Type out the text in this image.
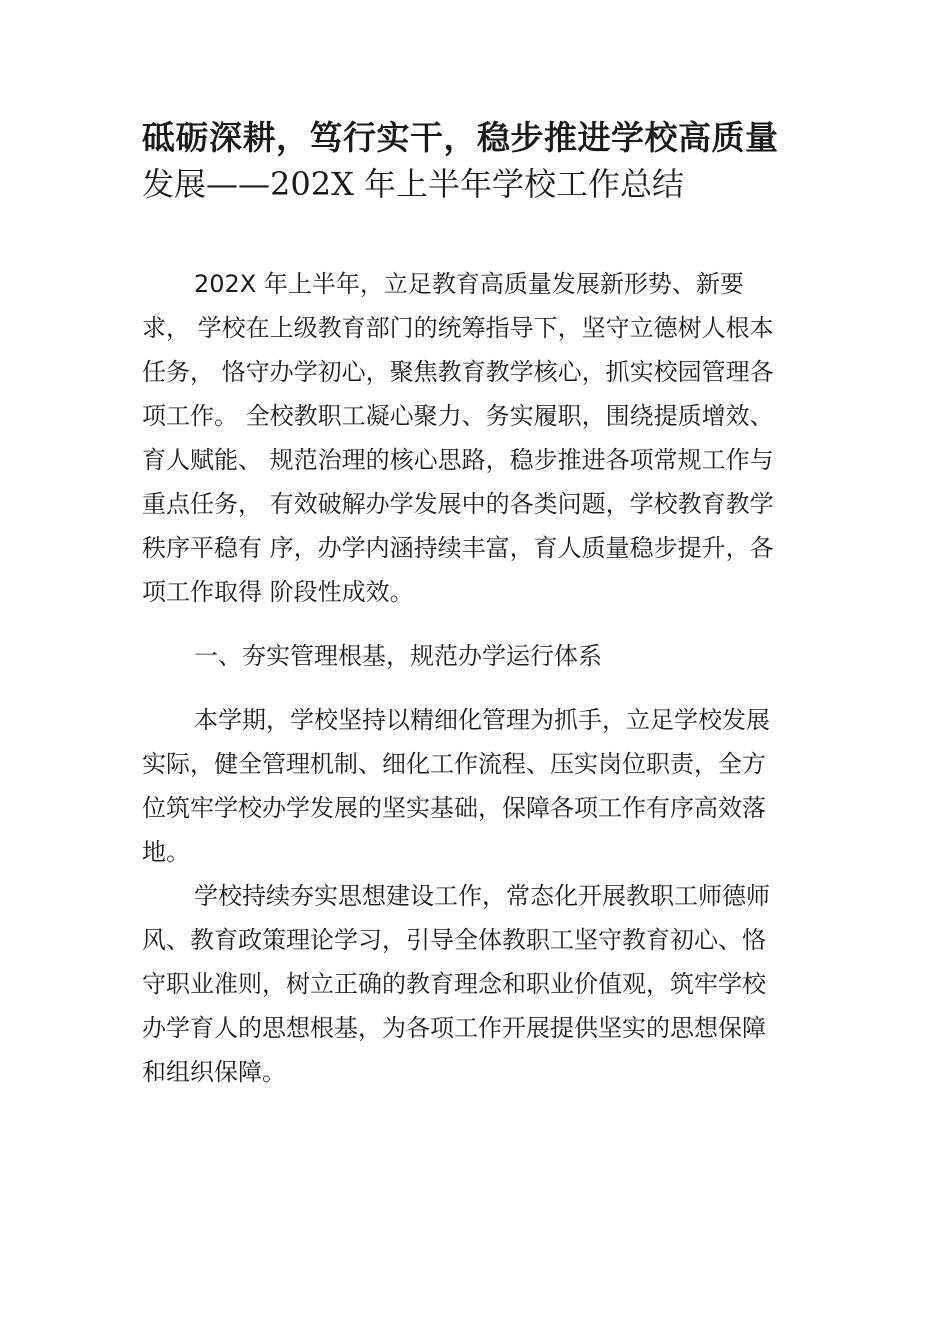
砥砺深耕，笃行实干，稳步推进学校高质量
发展——202X 年上半年学校工作总结
202X 年上半年，立足教育高质量发展新形势、新要
求， 学校在上级教育部门的统筹指导下，坚守立德树人根本
任务， 恪守办学初心，聚焦教育教学核心，抓实校园管理各
项工作。 全校教职工凝心聚力、务实履职，围绕提质增效、
育人赋能、 规范治理的核心思路，稳步推进各项常规工作与
重点任务， 有效破解办学发展中的各类问题，学校教育教学
秩序平稳有 序，办学内涵持续丰富，育人质量稳步提升，各
项工作取得 阶段性成效。
一、夯实管理根基，规范办学运行体系
本学期，学校坚持以精细化管理为抓手，立足学校发展
实际，健全管理机制、细化工作流程、压实岗位职责，全方
位筑牢学校办学发展的坚实基础，保障各项工作有序高效落
地。
学校持续夯实思想建设工作，常态化开展教职工师德师
风、教育政策理论学习，引导全体教职工坚守教育初心、恪
守职业准则，树立正确的教育理念和职业价值观，筑牢学校
办学育人的思想根基，为各项工作开展提供坚实的思想保障
和组织保障。
